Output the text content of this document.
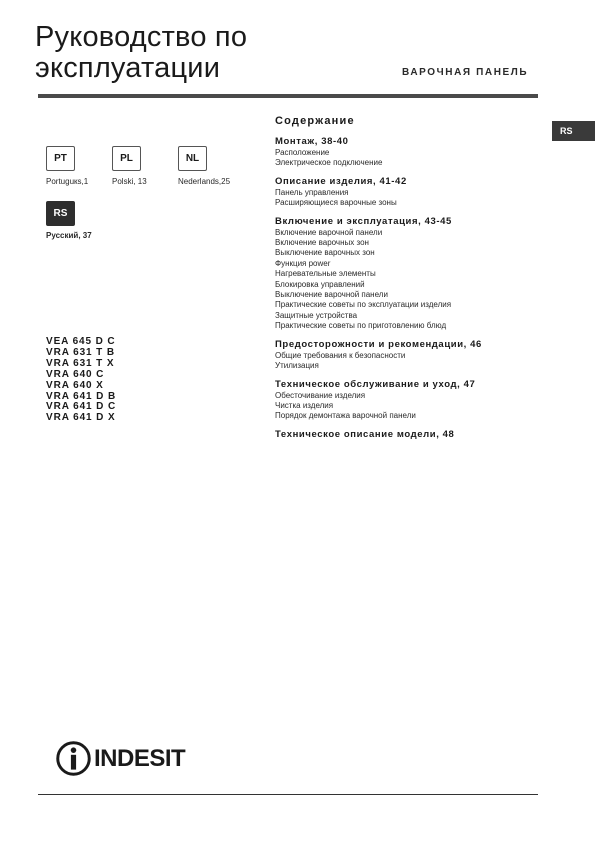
Руководство по
эксплуатации	ВАРОЧНАЯ ПАНЕЛЬ
RS
PT
Portuguкs,1
PL
Polski, 13
NL
Nederlands,25
RS
Русский, 37
VEA 645 D C
VRA 631 T B
VRA 631 T X
VRA 640 C
VRA 640 X
VRA 641 D B
VRA 641 D C
VRA 641 D X
Содержание
Монтаж, 38-40
Расположение
Электрическое подключение
Описание изделия, 41-42
Панель управления
Расширяющиеся варочные зоны
Включение и эксплуатация, 43-45
Включение варочной панели
Включение варочных зон
Выключение варочных зон
Функция power
Нагревательные элементы
Блокировка управлений
Выключение варочной панели
Практические советы по эксплуатации изделия
Защитные устройства
Практические советы по приготовлению блюд
Предосторожности и рекомендации, 46
Общие требования к безопасности
Утилизация
Техническое обслуживание и уход, 47
Обесточивание изделия
Чистка изделия
Порядок демонтажа варочной панели
Техническое описание модели, 48
INDESIT
